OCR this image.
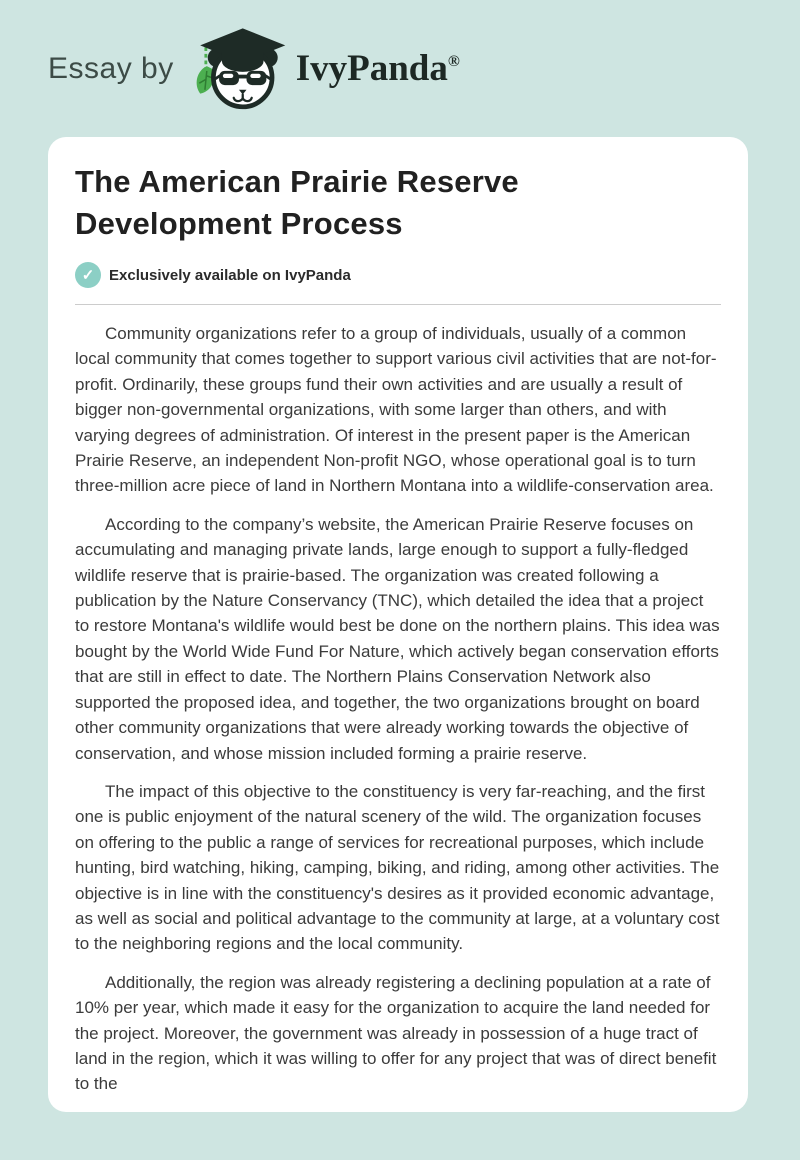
Essay by	IvyPanda®
The American Prairie Reserve Development Process
✓ Exclusively available on IvyPanda

Community organizations refer to a group of individuals, usually of a common local community that comes together to support various civil activities that are not-for-profit. Ordinarily, these groups fund their own activities and are usually a result of bigger non-governmental organizations, with some larger than others, and with varying degrees of administration. Of interest in the present paper is the American Prairie Reserve, an independent Non-profit NGO, whose operational goal is to turn three-million acre piece of land in Northern Montana into a wildlife-conservation area.

According to the company’s website, the American Prairie Reserve focuses on accumulating and managing private lands, large enough to support a fully-fledged wildlife reserve that is prairie-based. The organization was created following a publication by the Nature Conservancy (TNC), which detailed the idea that a project to restore Montana's wildlife would best be done on the northern plains. This idea was bought by the World Wide Fund For Nature, which actively began conservation efforts that are still in effect to date. The Northern Plains Conservation Network also supported the proposed idea, and together, the two organizations brought on board other community organizations that were already working towards the objective of conservation, and whose mission included forming a prairie reserve.

The impact of this objective to the constituency is very far-reaching, and the first one is public enjoyment of the natural scenery of the wild. The organization focuses on offering to the public a range of services for recreational purposes, which include hunting, bird watching, hiking, camping, biking, and riding, among other activities. The objective is in line with the constituency's desires as it provided economic advantage, as well as social and political advantage to the community at large, at a voluntary cost to the neighboring regions and the local community.

Additionally, the region was already registering a declining population at a rate of 10% per year, which made it easy for the organization to acquire the land needed for the project. Moreover, the government was already in possession of a huge tract of land in the region, which it was willing to offer for any project that was of direct benefit to the
